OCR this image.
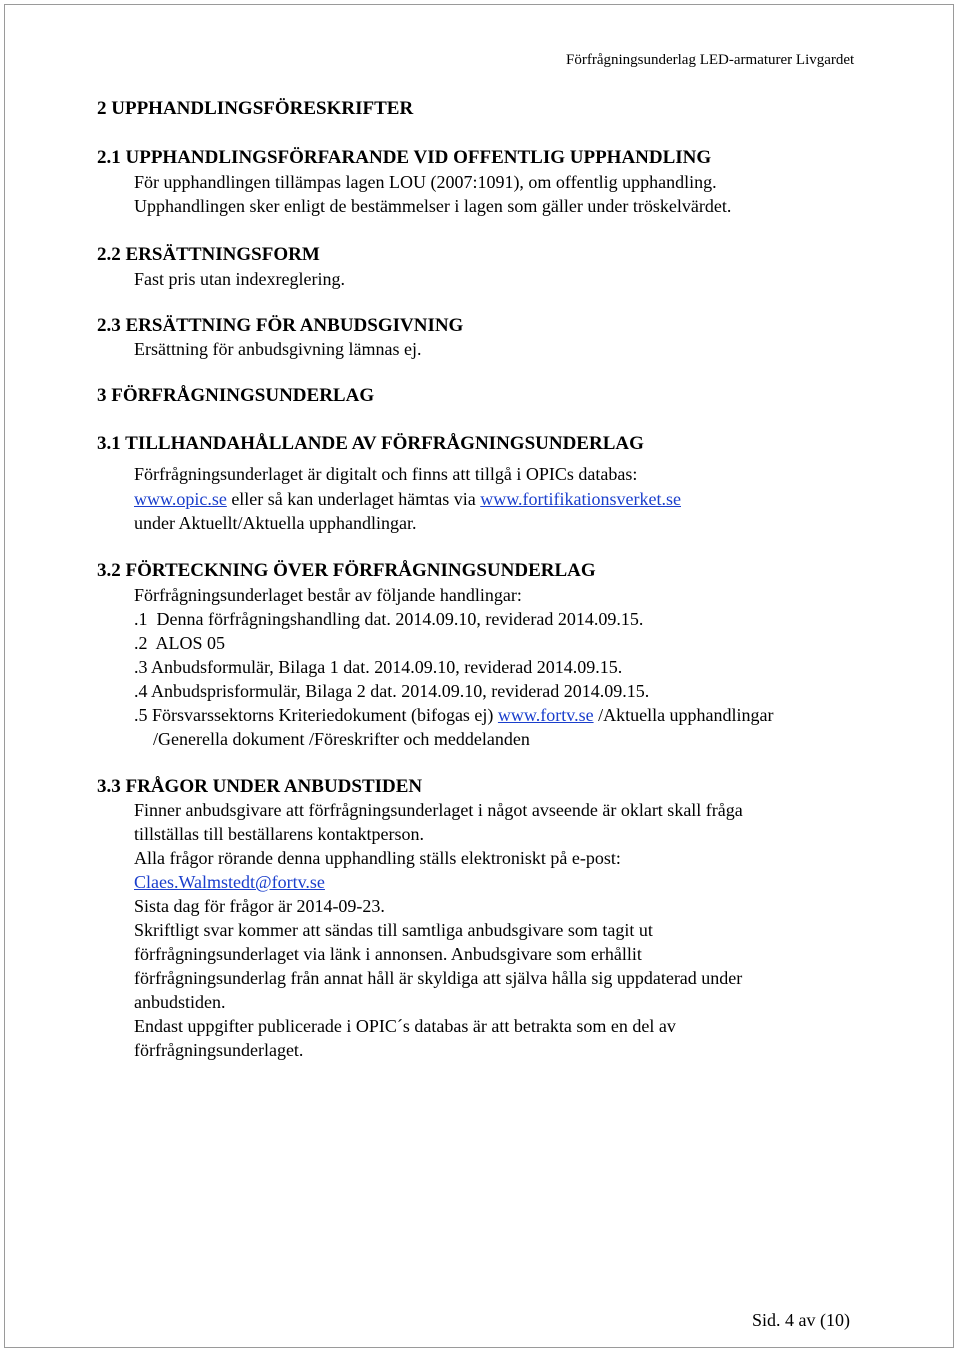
Förfrågningsunderlag LED-armaturer Livgardet
2 UPPHANDLINGSFÖRESKRIFTER
2.1 UPPHANDLINGSFÖRFARANDE VID OFFENTLIG UPPHANDLING
För upphandlingen tillämpas lagen LOU (2007:1091), om offentlig upphandling.
Upphandlingen sker enligt de bestämmelser i lagen som gäller under tröskelvärdet.
2.2 ERSÄTTNINGSFORM
Fast pris utan indexreglering.
2.3 ERSÄTTNING FÖR ANBUDSGIVNING
Ersättning för anbudsgivning lämnas ej.
3 FÖRFRÅGNINGSUNDERLAG
3.1 TILLHANDAHÅLLANDE AV FÖRFRÅGNINGSUNDERLAG
Förfrågningsunderlaget är digitalt och finns att tillgå i OPICs databas:
www.opic.se eller så kan underlaget hämtas via www.fortifikationsverket.se
under Aktuellt/Aktuella upphandlingar.
3.2 FÖRTECKNING ÖVER FÖRFRÅGNINGSUNDERLAG
Förfrågningsunderlaget består av följande handlingar:
.1  Denna förfrågningshandling dat. 2014.09.10, reviderad 2014.09.15.
.2  ALOS 05
.3 Anbudsformulär, Bilaga 1 dat. 2014.09.10, reviderad 2014.09.15.
.4 Anbudsprisformulär, Bilaga 2 dat. 2014.09.10, reviderad 2014.09.15.
.5 Försvarssektorns Kriteriedokument (bifogas ej) www.fortv.se /Aktuella upphandlingar
/Generella dokument /Föreskrifter och meddelanden
3.3 FRÅGOR UNDER ANBUDSTIDEN
Finner anbudsgivare att förfrågningsunderlaget i något avseende är oklart skall fråga
tillställas till beställarens kontaktperson.
Alla frågor rörande denna upphandling ställs elektroniskt på e-post:
Claes.Walmstedt@fortv.se
Sista dag för frågor är 2014-09-23.
Skriftligt svar kommer att sändas till samtliga anbudsgivare som tagit ut
förfrågningsunderlaget via länk i annonsen. Anbudsgivare som erhållit
förfrågningsunderlag från annat håll är skyldiga att själva hålla sig uppdaterad under
anbudstiden.
Endast uppgifter publicerade i OPIC´s databas är att betrakta som en del av
förfrågningsunderlaget.
Sid. 4 av (10)
